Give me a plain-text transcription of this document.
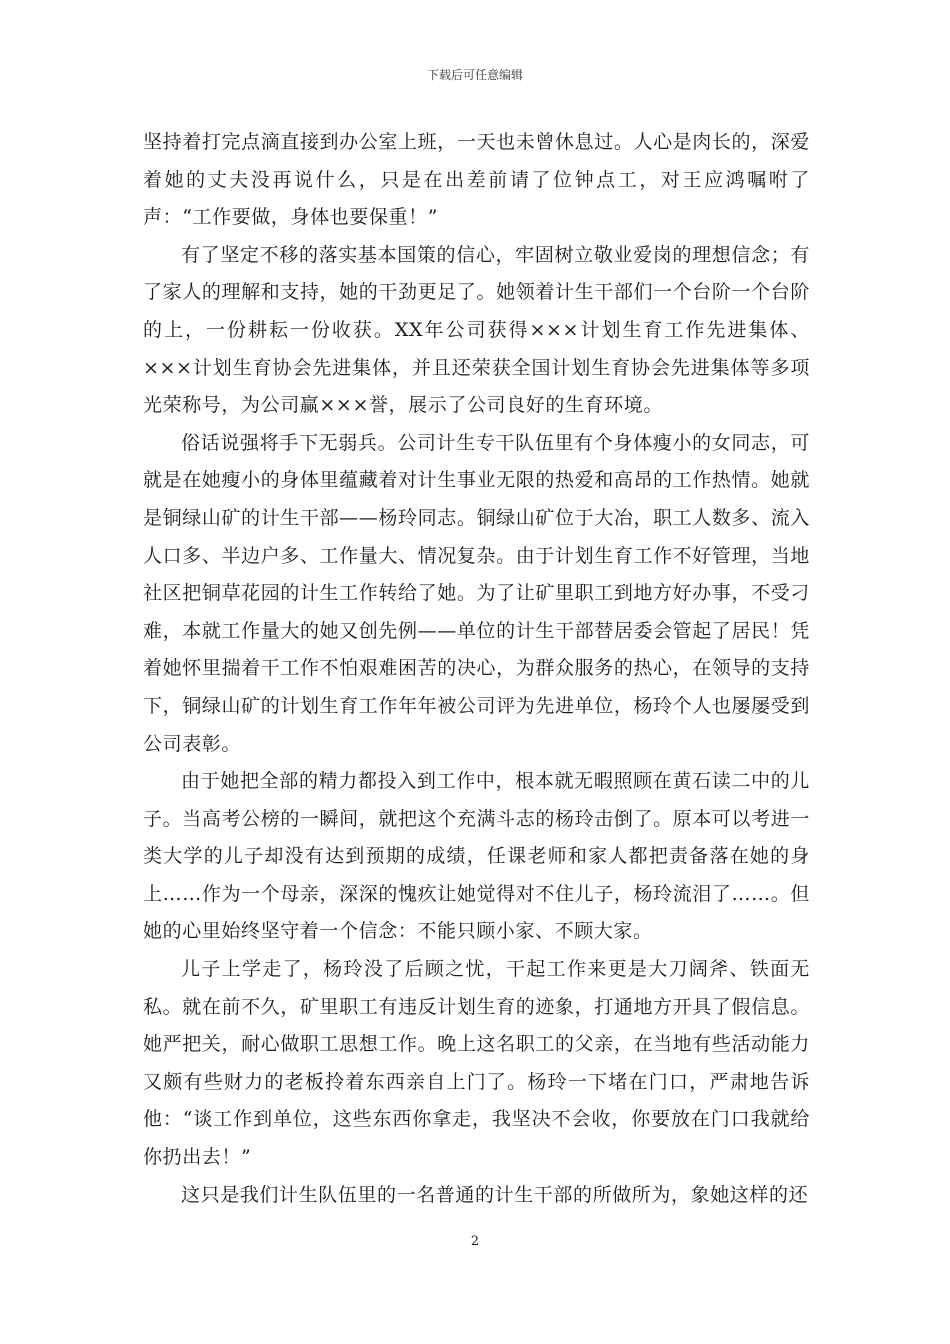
下载后可任意编辑

坚持着打完点滴直接到办公室上班，一天也未曾休息过。人心是肉长的，深爱着她的丈夫没再说什么，只是在出差前请了位钟点工，对王应鸿嘱咐了声：“工作要做，身体也要保重！”

有了坚定不移的落实基本国策的信心，牢固树立敬业爱岗的理想信念；有了家人的理解和支持，她的干劲更足了。她领着计生干部们一个台阶一个台阶的上，一份耕耘一份收获。XX年公司获得×××计划生育工作先进集体、×××计划生育协会先进集体，并且还荣获全国计划生育协会先进集体等多项光荣称号，为公司赢×××誉，展示了公司良好的生育环境。

俗话说强将手下无弱兵。公司计生专干队伍里有个身体瘦小的女同志，可就是在她瘦小的身体里蕴藏着对计生事业无限的热爱和高昂的工作热情。她就是铜绿山矿的计生干部——杨玲同志。铜绿山矿位于大冶，职工人数多、流入人口多、半边户多、工作量大、情况复杂。由于计划生育工作不好管理，当地社区把铜草花园的计生工作转给了她。为了让矿里职工到地方好办事，不受刁难，本就工作量大的她又创先例——单位的计生干部替居委会管起了居民！凭着她怀里揣着干工作不怕艰难困苦的决心，为群众服务的热心，在领导的支持下，铜绿山矿的计划生育工作年年被公司评为先进单位，杨玲个人也屡屡受到公司表彰。

由于她把全部的精力都投入到工作中，根本就无暇照顾在黄石读二中的儿子。当高考公榜的一瞬间，就把这个充满斗志的杨玲击倒了。原本可以考进一类大学的儿子却没有达到预期的成绩，任课老师和家人都把责备落在她的身上……作为一个母亲，深深的愧疚让她觉得对不住儿子，杨玲流泪了……。但她的心里始终坚守着一个信念：不能只顾小家、不顾大家。

儿子上学走了，杨玲没了后顾之忧，干起工作来更是大刀阔斧、铁面无私。就在前不久，矿里职工有违反计划生育的迹象，打通地方开具了假信息。她严把关，耐心做职工思想工作。晚上这名职工的父亲，在当地有些活动能力又颇有些财力的老板拎着东西亲自上门了。杨玲一下堵在门口，严肃地告诉他：“谈工作到单位，这些东西你拿走，我坚决不会收，你要放在门口我就给你扔出去！”

这只是我们计生队伍里的一名普通的计生干部的所做所为，象她这样的还

2
